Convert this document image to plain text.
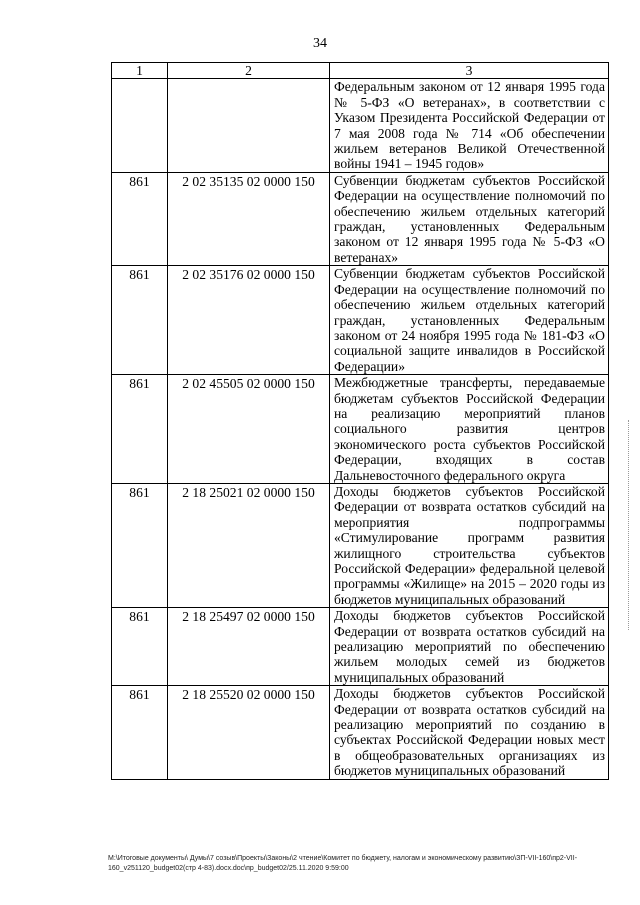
34
1	2	3
		Федеральным законом от 12 января 1995 года № 5-ФЗ «О ветеранах», в соответствии с Указом Президента Российской Федерации от 7 мая 2008 года № 714 «Об обеспечении жильем ветеранов Великой Отечественной войны 1941 – 1945 годов»
861	2 02 35135 02 0000 150	Субвенции бюджетам субъектов Российской Федерации на осуществление полномочий по обеспечению жильем отдельных категорий граждан, установленных Федеральным законом от 12 января 1995 года № 5-ФЗ «О ветеранах»
861	2 02 35176 02 0000 150	Субвенции бюджетам субъектов Российской Федерации на осуществление полномочий по обеспечению жильем отдельных категорий граждан, установленных Федеральным законом от 24 ноября 1995 года № 181-ФЗ «О социальной защите инвалидов в Российской Федерации»
861	2 02 45505 02 0000 150	Межбюджетные трансферты, передаваемые бюджетам субъектов Российской Федерации на реализацию мероприятий планов социального развития центров экономического роста субъектов Российской Федерации, входящих в состав Дальневосточного федерального округа
861	2 18 25021 02 0000 150	Доходы бюджетов субъектов Российской Федерации от возврата остатков субсидий на мероприятия подпрограммы «Стимулирование программ развития жилищного строительства субъектов Российской Федерации» федеральной целевой программы «Жилище» на 2015 – 2020 годы из бюджетов муниципальных образований
861	2 18 25497 02 0000 150	Доходы бюджетов субъектов Российской Федерации от возврата остатков субсидий на реализацию мероприятий по обеспечению жильем молодых семей из бюджетов муниципальных образований
861	2 18 25520 02 0000 150	Доходы бюджетов субъектов Российской Федерации от возврата остатков субсидий на реализацию мероприятий по созданию в субъектах Российской Федерации новых мест в общеобразовательных организациях из бюджетов муниципальных образований
M:\Итоговые документы\ Думы\7 созыв\Проекты\Законы\2 чтение\Комитет по бюджету, налогам и экономическому развитию\ЗП-VII-160\пр2-VII-160_v251120_budget02(стр 4-83).docx.doc\пр_budget02/25.11.2020 9:59:00
